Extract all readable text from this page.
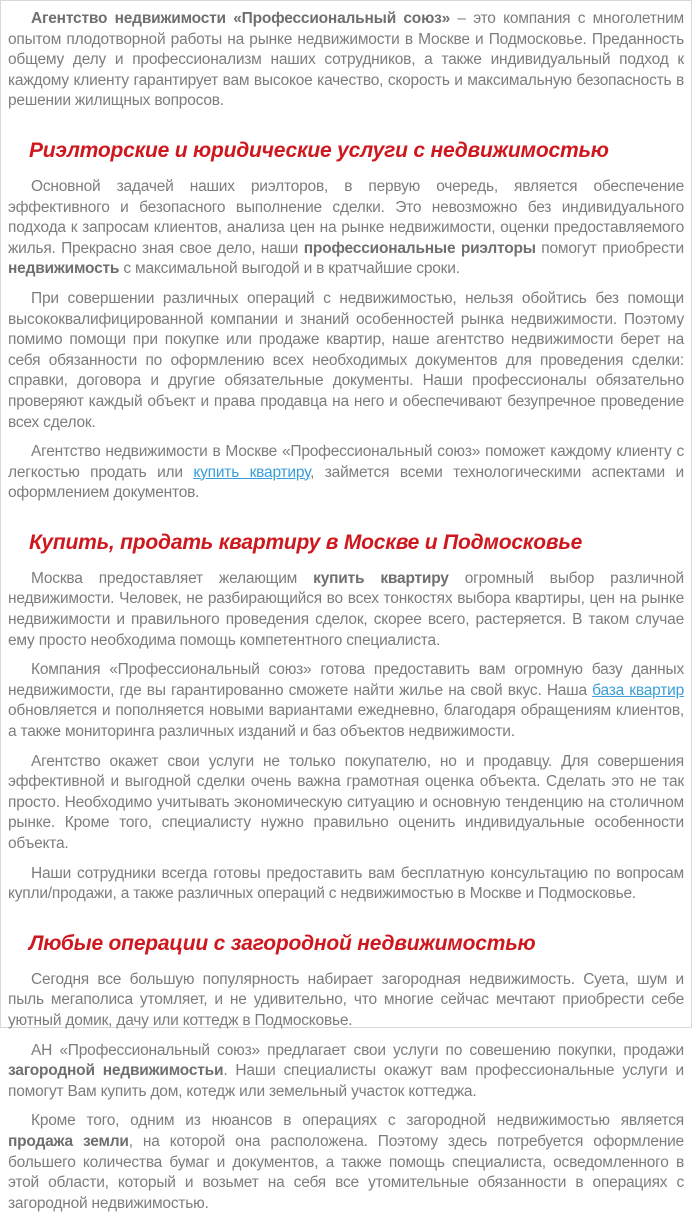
Агентство недвижимости «Профессиональный союз» – это компания с многолетним опытом плодотворной работы на рынке недвижимости в Москве и Подмосковье. Преданность общему делу и профессионализм наших сотрудников, а также индивидуальный подход к каждому клиенту гарантирует вам высокое качество, скорость и максимальную безопасность в решении жилищных вопросов.

Риэлторские и юридические услуги с недвижимостью

Основной задачей наших риэлторов, в первую очередь, является обеспечение эффективного и безопасного выполнение сделки. Это невозможно без индивидуального подхода к запросам клиентов, анализа цен на рынке недвижимости, оценки предоставляемого жилья. Прекрасно зная свое дело, наши профессиональные риэлторы помогут приобрести недвижимость с максимальной выгодой и в кратчайшие сроки.

При совершении различных операций с недвижимостью, нельзя обойтись без помощи высококвалифицированной компании и знаний особенностей рынка недвижимости. Поэтому помимо помощи при покупке или продаже квартир, наше агентство недвижимости берет на себя обязанности по оформлению всех необходимых документов для проведения сделки: справки, договора и другие обязательные документы. Наши профессионалы обязательно проверяют каждый объект и права продавца на него и обеспечивают безупречное проведение всех сделок.

Агентство недвижимости в Москве «Профессиональный союз» поможет каждому клиенту с легкостью продать или купить квартиру, займется всеми технологическими аспектами и оформлением документов.

Купить, продать квартиру в Москве и Подмосковье

Москва предоставляет желающим купить квартиру огромный выбор различной недвижимости. Человек, не разбирающийся во всех тонкостях выбора квартиры, цен на рынке недвижимости и правильного проведения сделок, скорее всего, растеряется. В таком случае ему просто необходима помощь компетентного специалиста.

Компания «Профессиональный союз» готова предоставить вам огромную базу данных недвижимости, где вы гарантированно сможете найти жилье на свой вкус. Наша база квартир обновляется и пополняется новыми вариантами ежедневно, благодаря обращениям клиентов, а также мониторинга различных изданий и баз объектов недвижимости.

Агентство окажет свои услуги не только покупателю, но и продавцу. Для совершения эффективной и выгодной сделки очень важна грамотная оценка объекта. Сделать это не так просто. Необходимо учитывать экономическую ситуацию и основную тенденцию на столичном рынке. Кроме того, специалисту нужно правильно оценить индивидуальные особенности объекта.

Наши сотрудники всегда готовы предоставить вам бесплатную консультацию по вопросам купли/продажи, а также различных операций с недвижимостью в Москве и Подмосковье.

Любые операции с загородной недвижимостью

Сегодня все большую популярность набирает загородная недвижимость. Суета, шум и пыль мегаполиса утомляет, и не удивительно, что многие сейчас мечтают приобрести себе уютный домик, дачу или коттедж в Подмосковье.

АН «Профессиональный союз» предлагает свои услуги по совешению покупки, продажи загородной недвижимостьи. Наши специалисты окажут вам профессиональные услуги и помогут Вам купить дом, котедж или земельный участок коттеджа.

Кроме того, одним из нюансов в операциях с загородной недвижимостью является продажа земли, на которой она расположена. Поэтому здесь потребуется оформление большего количества бумаг и документов, а также помощь специалиста, осведомленного в этой области, который и возьмет на себя все утомительные обязанности в операциях с загородной недвижимостью.
